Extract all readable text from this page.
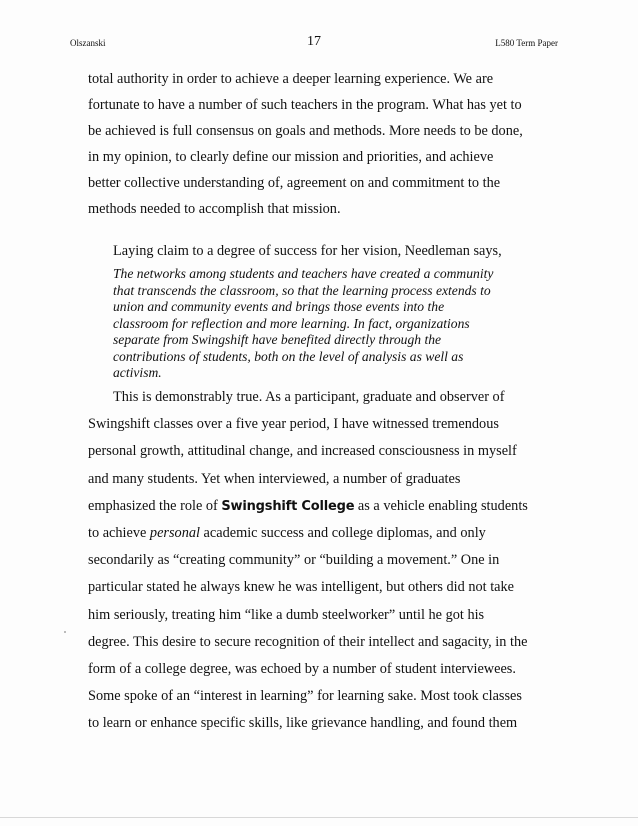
Olszanski	17	L580 Term Paper

total authority in order to achieve a deeper learning experience. We are
fortunate to have a number of such teachers in the program. What has yet to
be achieved is full consensus on goals and methods. More needs to be done,
in my opinion, to clearly define our mission and priorities, and achieve
better collective understanding of, agreement on and commitment to the
methods needed to accomplish that mission.

Laying claim to a degree of success for her vision, Needleman says,

The networks among students and teachers have created a community
that transcends the classroom, so that the learning process extends to
union and community events and brings those events into the
classroom for reflection and more learning. In fact, organizations
separate from Swingshift have benefited directly through the
contributions of students, both on the level of analysis as well as
activism.

This is demonstrably true. As a participant, graduate and observer of
Swingshift classes over a five year period, I have witnessed tremendous
personal growth, attitudinal change, and increased consciousness in myself
and many students. Yet when interviewed, a number of graduates
emphasized the role of Swingshift College as a vehicle enabling students
to achieve personal academic success and college diplomas, and only
secondarily as “creating community” or “building a movement.” One in
particular stated he always knew he was intelligent, but others did not take
him seriously, treating him “like a dumb steelworker” until he got his
degree. This desire to secure recognition of their intellect and sagacity, in the
form of a college degree, was echoed by a number of student interviewees.
Some spoke of an “interest in learning” for learning sake. Most took classes
to learn or enhance specific skills, like grievance handling, and found them
